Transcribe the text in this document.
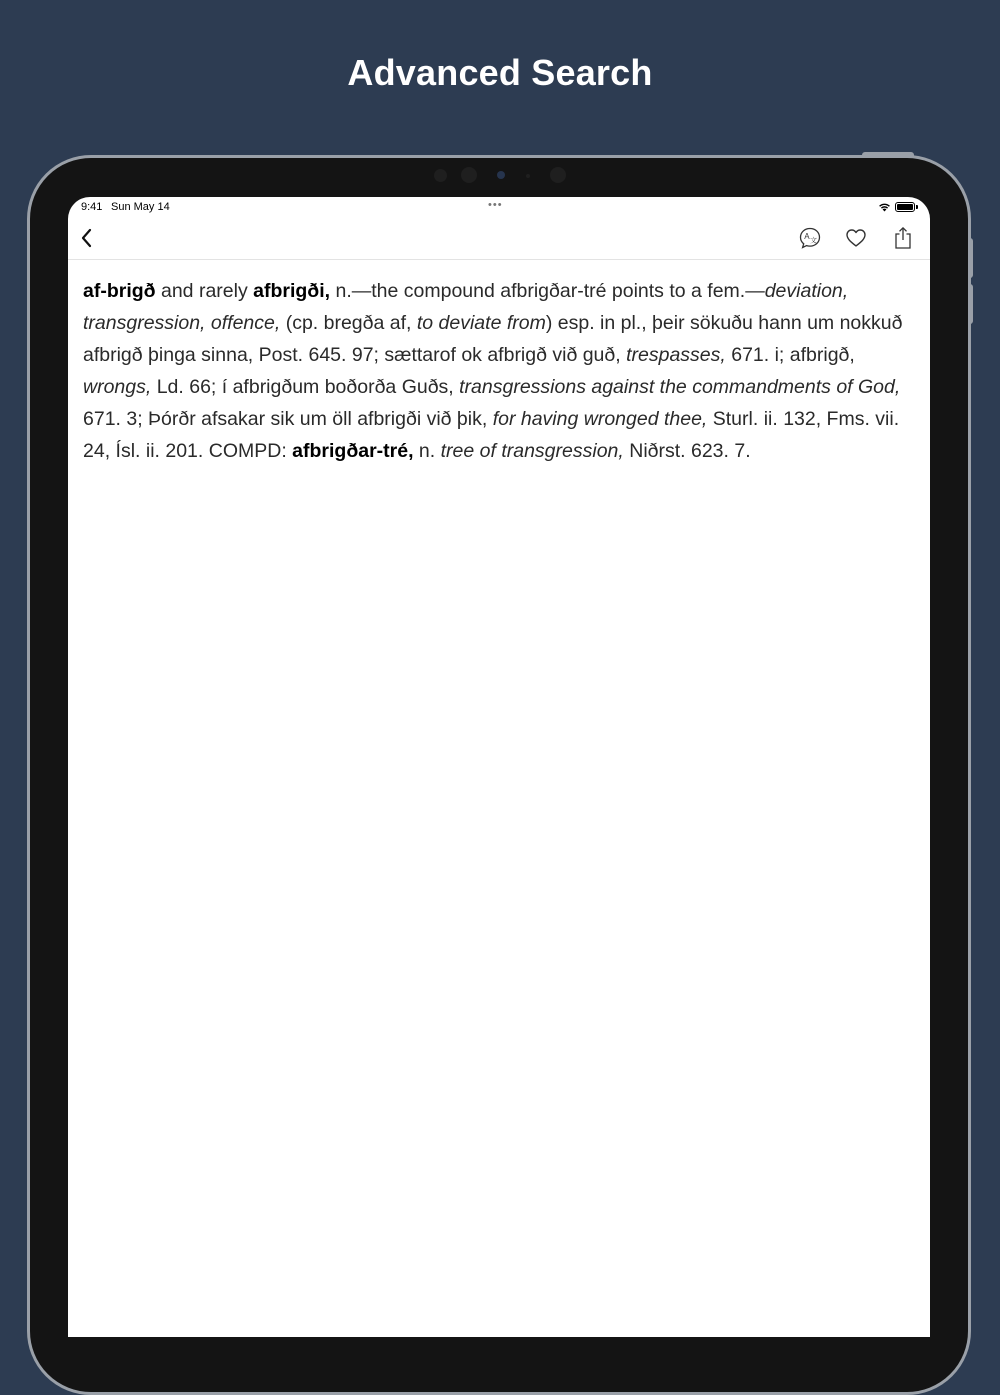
Advanced Search
9:41 Sun May 14	•••
A 文
af-brigð and rarely afbrigði, n.—the compound afbrigðar-tré points to a fem.—deviation, transgression, offence, (cp. bregða af, to deviate from) esp. in pl., þeir sökuðu hann um nokkuð afbrigð þinga sinna, Post. 645. 97; sættarof ok afbrigð við guð, trespasses, 671. i; afbrigð, wrongs, Ld. 66; í afbrigðum boðorða Guðs, transgressions against the commandments of God, 671. 3; Þórðr afsakar sik um öll afbrigði við þik, for having wronged thee, Sturl. ii. 132, Fms. vii. 24, Ísl. ii. 201. COMPD: afbrigðar-tré, n. tree of transgression, Niðrst. 623. 7.
